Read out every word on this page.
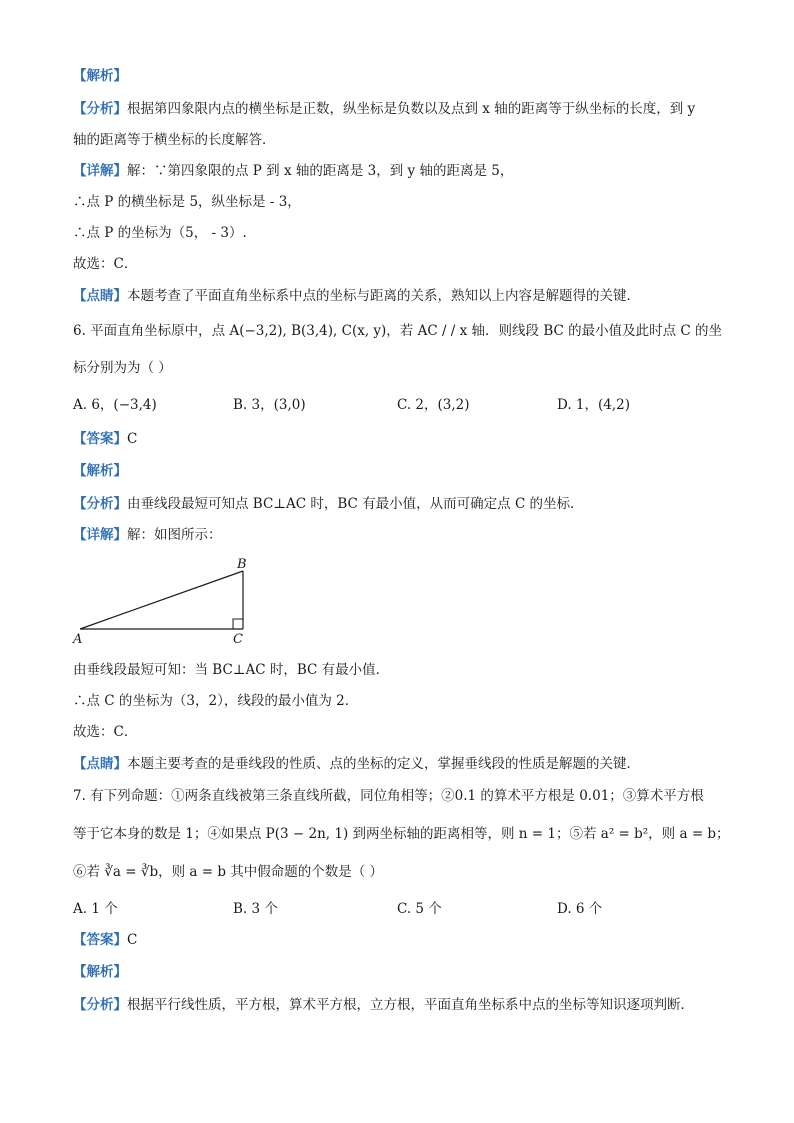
【解析】
【分析】根据第四象限内点的横坐标是正数，纵坐标是负数以及点到 x 轴的距离等于纵坐标的长度，到 y
轴的距离等于横坐标的长度解答．
【详解】解：∵第四象限的点 P 到 x 轴的距离是 3，到 y 轴的距离是 5，
∴点 P 的横坐标是 5，纵坐标是 - 3，
∴点 P 的坐标为（5， - 3）.
故选：C．
【点睛】本题考查了平面直角坐标系中点的坐标与距离的关系，熟知以上内容是解题得的关键．
6. 平面直角坐标原中，点 A(−3,2), B(3,4), C(x, y)，若 AC / / x 轴．则线段 BC 的最小值及此时点 C 的坐
标分别为为（ ）
A. 6，(−3,4)	B. 3，(3,0)	C. 2，(3,2)	D. 1，(4,2)
【答案】C
【解析】
【分析】由垂线段最短可知点 BC⊥AC 时，BC 有最小值，从而可确定点 C 的坐标．
【详解】解：如图所示：
A
B
C
由垂线段最短可知：当 BC⊥AC 时，BC 有最小值．
∴点 C 的坐标为（3，2），线段的最小值为 2．
故选：C．
【点睛】本题主要考查的是垂线段的性质、点的坐标的定义，掌握垂线段的性质是解题的关键．
7. 有下列命题：①两条直线被第三条直线所截，同位角相等；②0.1 的算术平方根是 0.01；③算术平方根
等于它本身的数是 1；④如果点 P(3 − 2n, 1) 到两坐标轴的距离相等，则 n = 1；⑤若 a² = b²，则 a = b；
⑥若 ∛a = ∛b，则 a = b 其中假命题的个数是（ ）
A. 1 个	B. 3 个	C. 5 个	D. 6 个
【答案】C
【解析】
【分析】根据平行线性质，平方根，算术平方根，立方根，平面直角坐标系中点的坐标等知识逐项判断．
